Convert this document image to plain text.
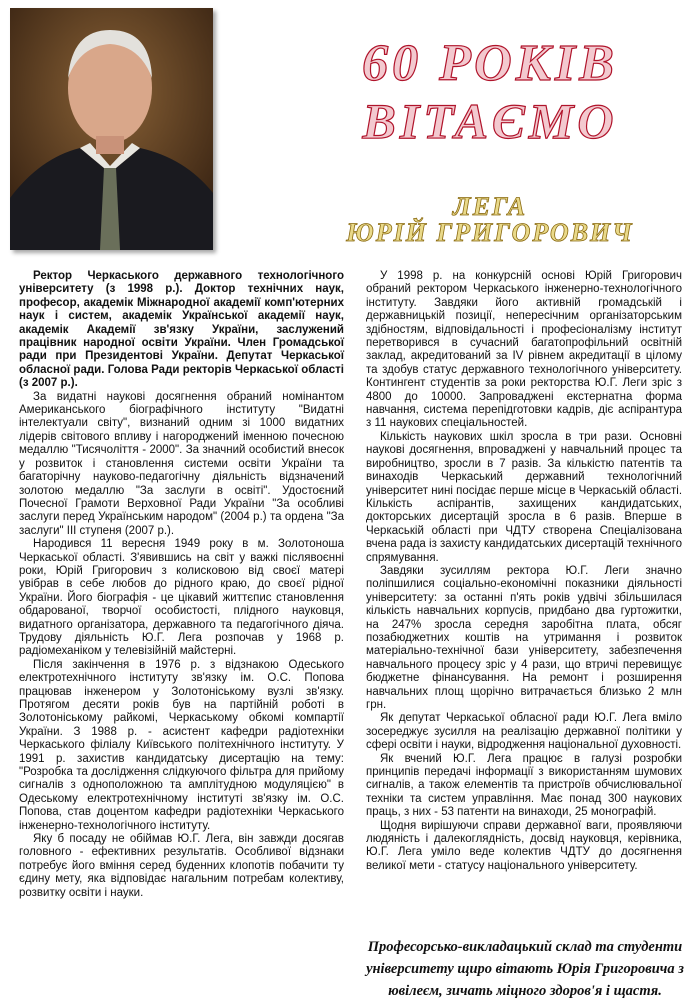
60 РОКІВ
ВІТАЄМО
ЛЕГА
ЮРІЙ ГРИГОРОВИЧ

Ректор Черкаського державного технологічного університету (з 1998 р.). Доктор технічних наук, професор, академік Міжнародної академії комп'ютерних наук і систем, академік Української академії наук, академік Академії зв'язку України, заслужений працівник народної освіти України. Член Громадської ради при Президентові України. Депутат Черкаської обласної ради. Голова Ради ректорів Черкаської області (з 2007 р.).

За видатні наукові досягнення обраний номінантом Американського біографічного інституту "Видатні інтелектуали світу", визнаний одним зі 1000 видатних лідерів світового впливу і нагороджений іменною почесною медаллю "Тисячоліття - 2000". За значний особистий внесок у розвиток і становлення системи освіти України та багаторічну науково-педагогічну діяльність відзначений золотою медаллю "За заслуги в освіті". Удостоєний Почесної Грамоти Верховної Ради України "За особливі заслуги перед Українським народом" (2004 р.) та ордена "За заслуги" III ступеня (2007 р.).

Народився 11 вересня 1949 року в м. Золотоноша Черкаської області. З'явившись на світ у важкі післявоєнні роки, Юрій Григорович з колисковою від своєї матері увібрав в себе любов до рідного краю, до своєї рідної України. Його біографія - це цікавий життєпис становлення обдарованої, творчої особистості, плідного науковця, видатного організатора, державного та педагогічного діяча. Трудову діяльність Ю.Г. Лега розпочав у 1968 р. радіомеханіком у телевізійній майстерні.

Після закінчення в 1976 р. з відзнакою Одеського електротехнічного інституту зв'язку ім. О.С. Попова працював інженером у Золотоніському вузлі зв'язку. Протягом десяти років був на партійній роботі в Золотоніському райкомі, Черкаському обкомі компартії України. З 1988 р. - асистент кафедри радіотехніки Черкаського філіалу Київського політехнічного інституту. У 1991 р. захистив кандидатську дисертацію на тему: "Розробка та дослідження слідкуючого фільтра для прийому сигналів з одноположною та амплітудною модуляцією" в Одеському електротехнічному інституті зв'язку ім. О.С. Попова, став доцентом кафедри радіотехніки Черкаського інженерно-технологічного інституту.

Яку б посаду не обіймав Ю.Г. Лега, він завжди досягав головного - ефективних результатів. Особливої відзнаки потребує його вміння серед буденних клопотів побачити ту єдину мету, яка відповідає нагальним потребам колективу, розвитку освіти і науки.

У 1998 р. на конкурсній основі Юрій Григорович обраний ректором Черкаського інженерно-технологічного інституту. Завдяки його активній громадській і державницькій позиції, непересічним організаторським здібностям, відповідальності і професіоналізму інститут перетворився в сучасний багатопрофільний освітній заклад, акредитований за IV рівнем акредитації в цілому та здобув статус державного технологічного університету. Контингент студентів за роки ректорства Ю.Г. Леги зріс з 4800 до 10000. Запроваджені екстернатна форма навчання, система перепідготовки кадрів, діє аспірантура з 11 наукових спеціальностей.

Кількість наукових шкіл зросла в три рази. Основні наукові досягнення, впроваджені у навчальний процес та виробництво, зросли в 7 разів. За кількістю патентів та винаходів Черкаський державний технологічний університет нині посідає перше місце в Черкаській області. Кількість аспірантів, захищених кандидатських, докторських дисертацій зросла в 6 разів. Вперше в Черкаській області при ЧДТУ створена Спеціалізована вчена рада із захисту кандидатських дисертацій технічного спрямування.

Завдяки зусиллям ректора Ю.Г. Леги значно поліпшилися соціально-економічні показники діяльності університету: за останні п'ять років удвічі збільшилася кількість навчальних корпусів, придбано два гуртожитки, на 247% зросла середня заробітна плата, обсяг позабюджетних коштів на утримання і розвиток матеріально-технічної бази університету, забезпечення навчального процесу зріс у 4 рази, що втричі перевищує бюджетне фінансування. На ремонт і розширення навчальних площ щорічно витрачається близько 2 млн грн.

Як депутат Черкаської обласної ради Ю.Г. Лега вміло зосереджує зусилля на реалізацію державної політики у сфері освіти і науки, відродження національної духовності.

Як вчений Ю.Г. Лега працює в галузі розробки принципів передачі інформації з використанням шумових сигналів, а також елементів та пристроїв обчислювальної техніки та систем управління. Має понад 300 наукових праць, з них - 53 патенти на винаходи, 25 монографій.

Щодня вирішуючи справи державної ваги, проявляючи людяність і далекоглядність, досвід науковця, керівника, Ю.Г. Лега уміло веде колектив ЧДТУ до досягнення великої мети - статусу національного університету.

Професорсько-викладацький склад та студенти університету щиро вітають Юрія Григоровича з ювілеєм, зичать міцного здоров'я і щастя.
